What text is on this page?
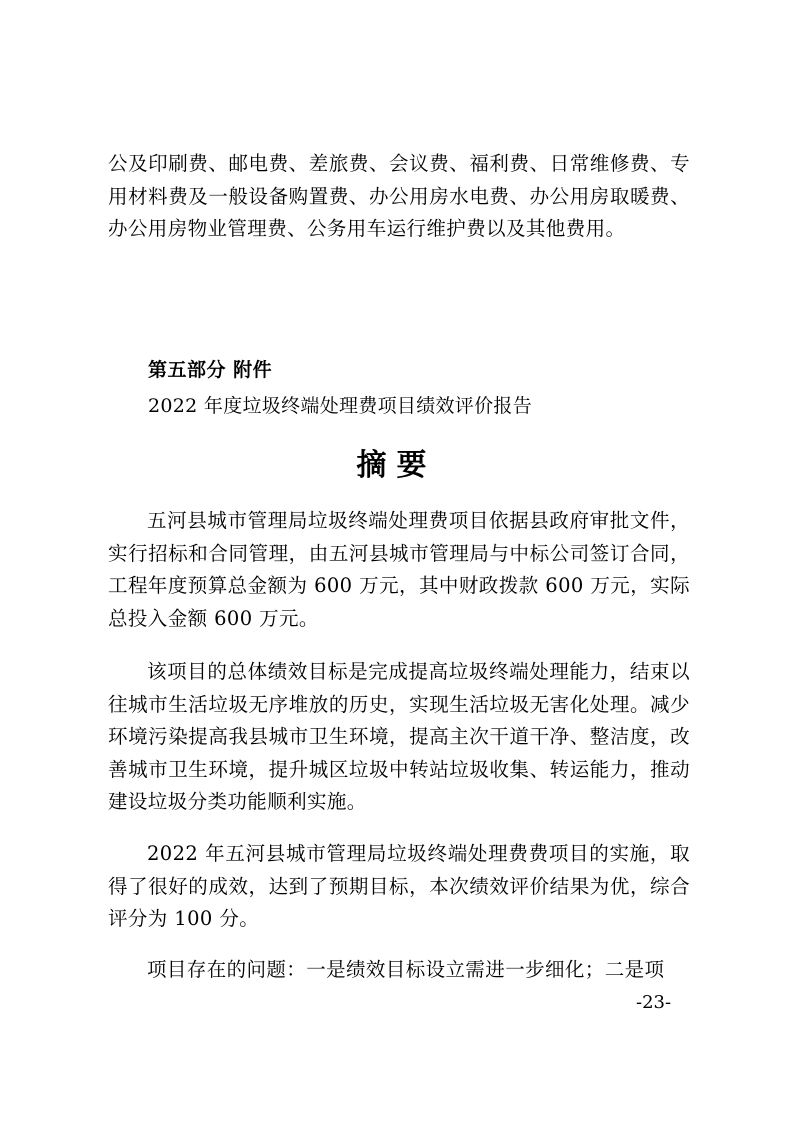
公及印刷费、邮电费、差旅费、会议费、福利费、日常维修费、专用材料费及一般设备购置费、办公用房水电费、办公用房取暖费、办公用房物业管理费、公务用车运行维护费以及其他费用。

第五部分 附件

2022 年度垃圾终端处理费项目绩效评价报告

摘要

五河县城市管理局垃圾终端处理费项目依据县政府审批文件，实行招标和合同管理，由五河县城市管理局与中标公司签订合同，工程年度预算总金额为 600 万元，其中财政拨款 600 万元，实际总投入金额 600 万元。

该项目的总体绩效目标是完成提高垃圾终端处理能力，结束以往城市生活垃圾无序堆放的历史，实现生活垃圾无害化处理。减少环境污染提高我县城市卫生环境，提高主次干道干净、整洁度，改善城市卫生环境，提升城区垃圾中转站垃圾收集、转运能力，推动建设垃圾分类功能顺利实施。

2022 年五河县城市管理局垃圾终端处理费费项目的实施，取得了很好的成效，达到了预期目标，本次绩效评价结果为优，综合评分为 100 分。

项目存在的问题：一是绩效目标设立需进一步细化；二是项

-23-
